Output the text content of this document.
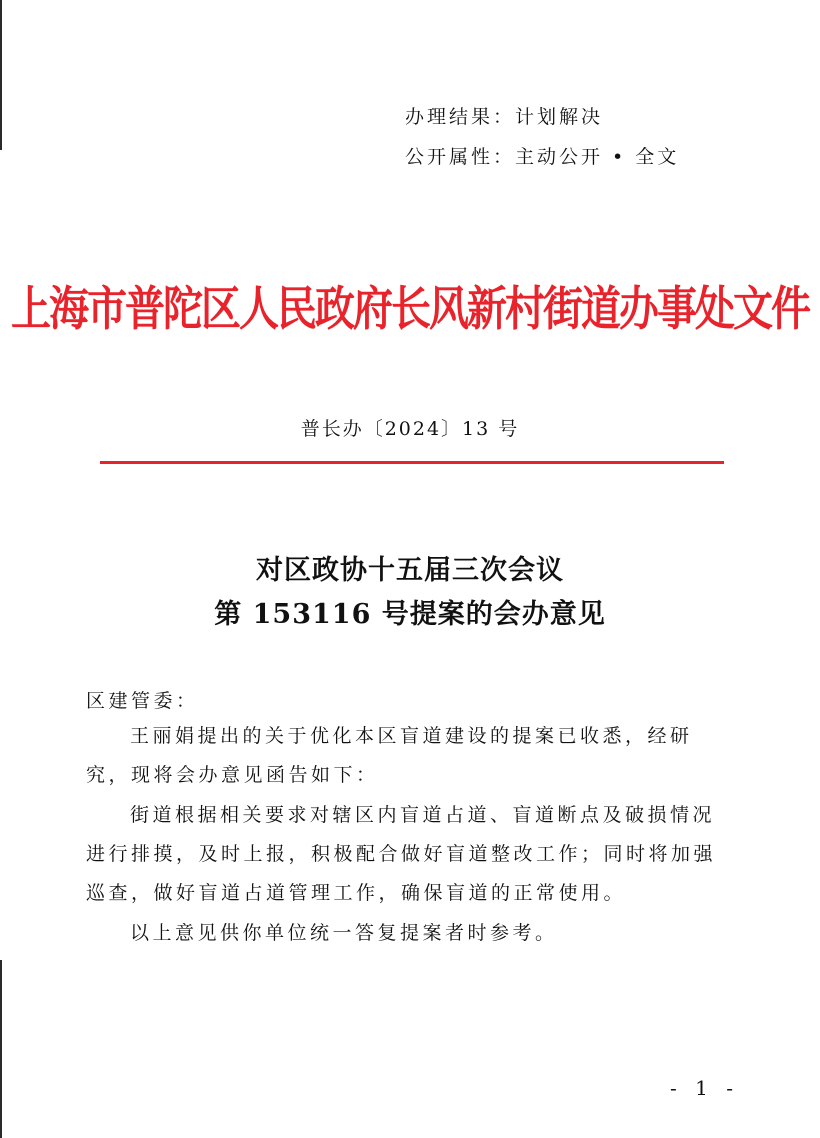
办理结果：计划解决
公开属性：主动公开 • 全文
上海市普陀区人民政府长风新村街道办事处文件
普长办〔2024〕13 号
对区政协十五届三次会议
第 153116 号提案的会办意见
区建管委：
王丽娟提出的关于优化本区盲道建设的提案已收悉，经研究，现将会办意见函告如下：
街道根据相关要求对辖区内盲道占道、盲道断点及破损情况进行排摸，及时上报，积极配合做好盲道整改工作；同时将加强巡查，做好盲道占道管理工作，确保盲道的正常使用。
以上意见供你单位统一答复提案者时参考。
- 1 -
